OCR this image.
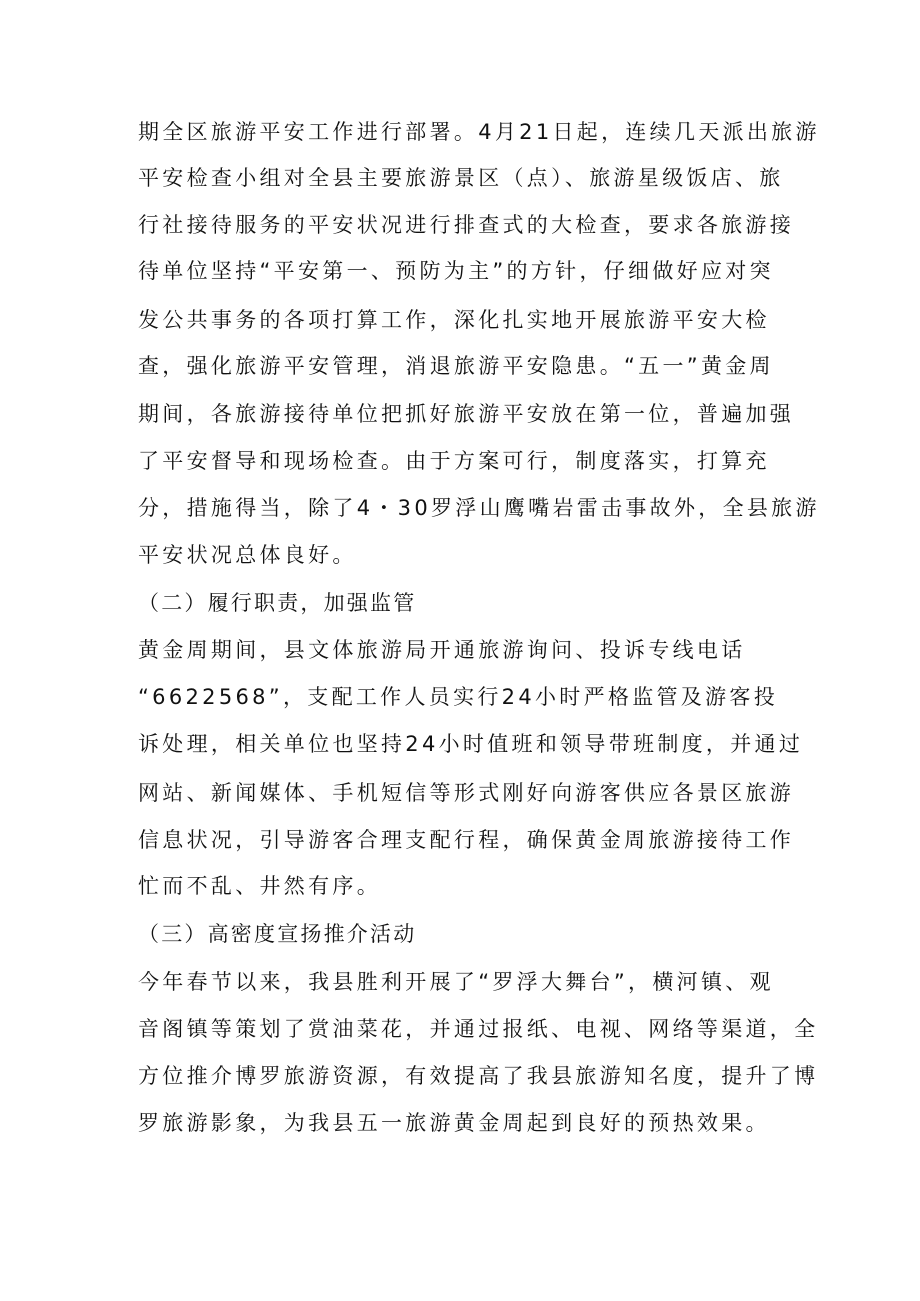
期全区旅游平安工作进行部署。4月21日起，连续几天派出旅游
平安检查小组对全县主要旅游景区（点）、旅游星级饭店、旅
行社接待服务的平安状况进行排查式的大检查，要求各旅游接
待单位坚持“平安第一、预防为主”的方针，仔细做好应对突
发公共事务的各项打算工作，深化扎实地开展旅游平安大检
查，强化旅游平安管理，消退旅游平安隐患。“五一”黄金周
期间，各旅游接待单位把抓好旅游平安放在第一位，普遍加强
了平安督导和现场检查。由于方案可行，制度落实，打算充
分，措施得当，除了4・30罗浮山鹰嘴岩雷击事故外，全县旅游
平安状况总体良好。
（二）履行职责，加强监管
黄金周期间，县文体旅游局开通旅游询问、投诉专线电话
“6622568”，支配工作人员实行24小时严格监管及游客投
诉处理，相关单位也坚持24小时值班和领导带班制度，并通过
网站、新闻媒体、手机短信等形式刚好向游客供应各景区旅游
信息状况，引导游客合理支配行程，确保黄金周旅游接待工作
忙而不乱、井然有序。
（三）高密度宣扬推介活动
今年春节以来，我县胜利开展了“罗浮大舞台”，横河镇、观
音阁镇等策划了赏油菜花，并通过报纸、电视、网络等渠道，全
方位推介博罗旅游资源，有效提高了我县旅游知名度，提升了博
罗旅游影象，为我县五一旅游黄金周起到良好的预热效果。
